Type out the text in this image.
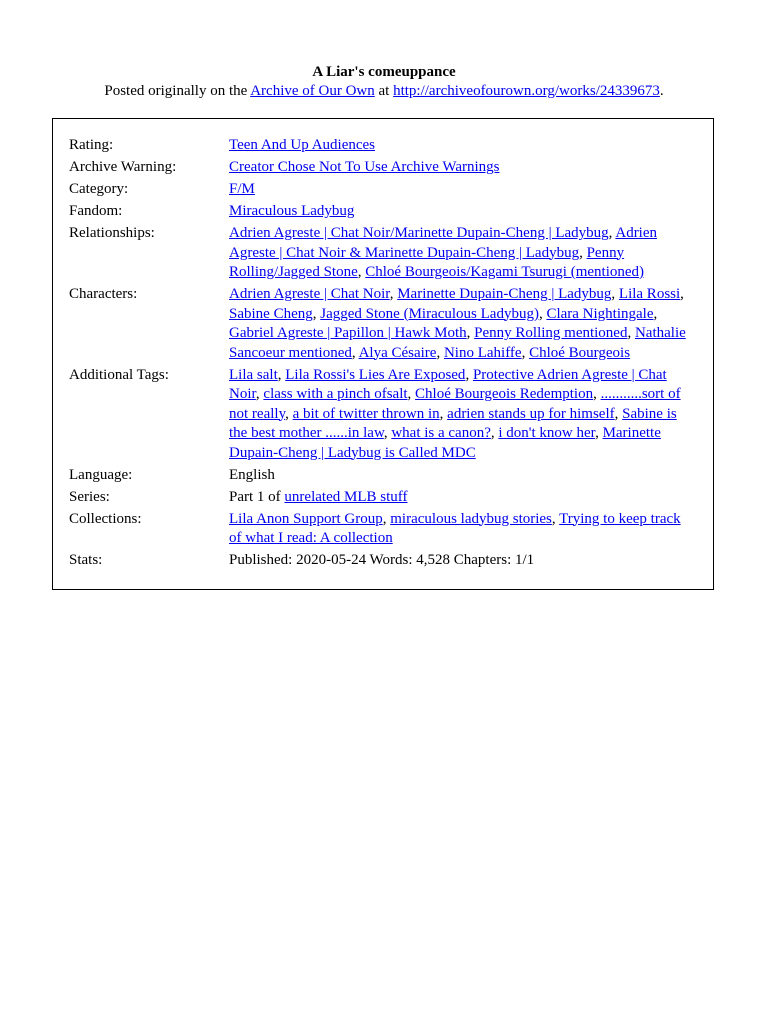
A Liar's comeuppance
Posted originally on the Archive of Our Own at http://archiveofourown.org/works/24339673.
Rating:	Teen And Up Audiences
Archive Warning:	Creator Chose Not To Use Archive Warnings
Category:	F/M
Fandom:	Miraculous Ladybug
Relationships:	Adrien Agreste | Chat Noir/Marinette Dupain-Cheng | Ladybug, Adrien Agreste | Chat Noir & Marinette Dupain-Cheng | Ladybug, Penny Rolling/Jagged Stone, Chloé Bourgeois/Kagami Tsurugi (mentioned)
Characters:	Adrien Agreste | Chat Noir, Marinette Dupain-Cheng | Ladybug, Lila Rossi, Sabine Cheng, Jagged Stone (Miraculous Ladybug), Clara Nightingale, Gabriel Agreste | Papillon | Hawk Moth, Penny Rolling mentioned, Nathalie Sancoeur mentioned, Alya Césaire, Nino Lahiffe, Chloé Bourgeois
Additional Tags:	Lila salt, Lila Rossi's Lies Are Exposed, Protective Adrien Agreste | Chat Noir, class with a pinch ofsalt, Chloé Bourgeois Redemption, ...........sort of not really, a bit of twitter thrown in, adrien stands up for himself, Sabine is the best mother ......in law, what is a canon?, i don't know her, Marinette Dupain-Cheng | Ladybug is Called MDC
Language:	English
Series:	Part 1 of unrelated MLB stuff
Collections:	Lila Anon Support Group, miraculous ladybug stories, Trying to keep track of what I read: A collection
Stats:	Published: 2020-05-24 Words: 4,528 Chapters: 1/1
